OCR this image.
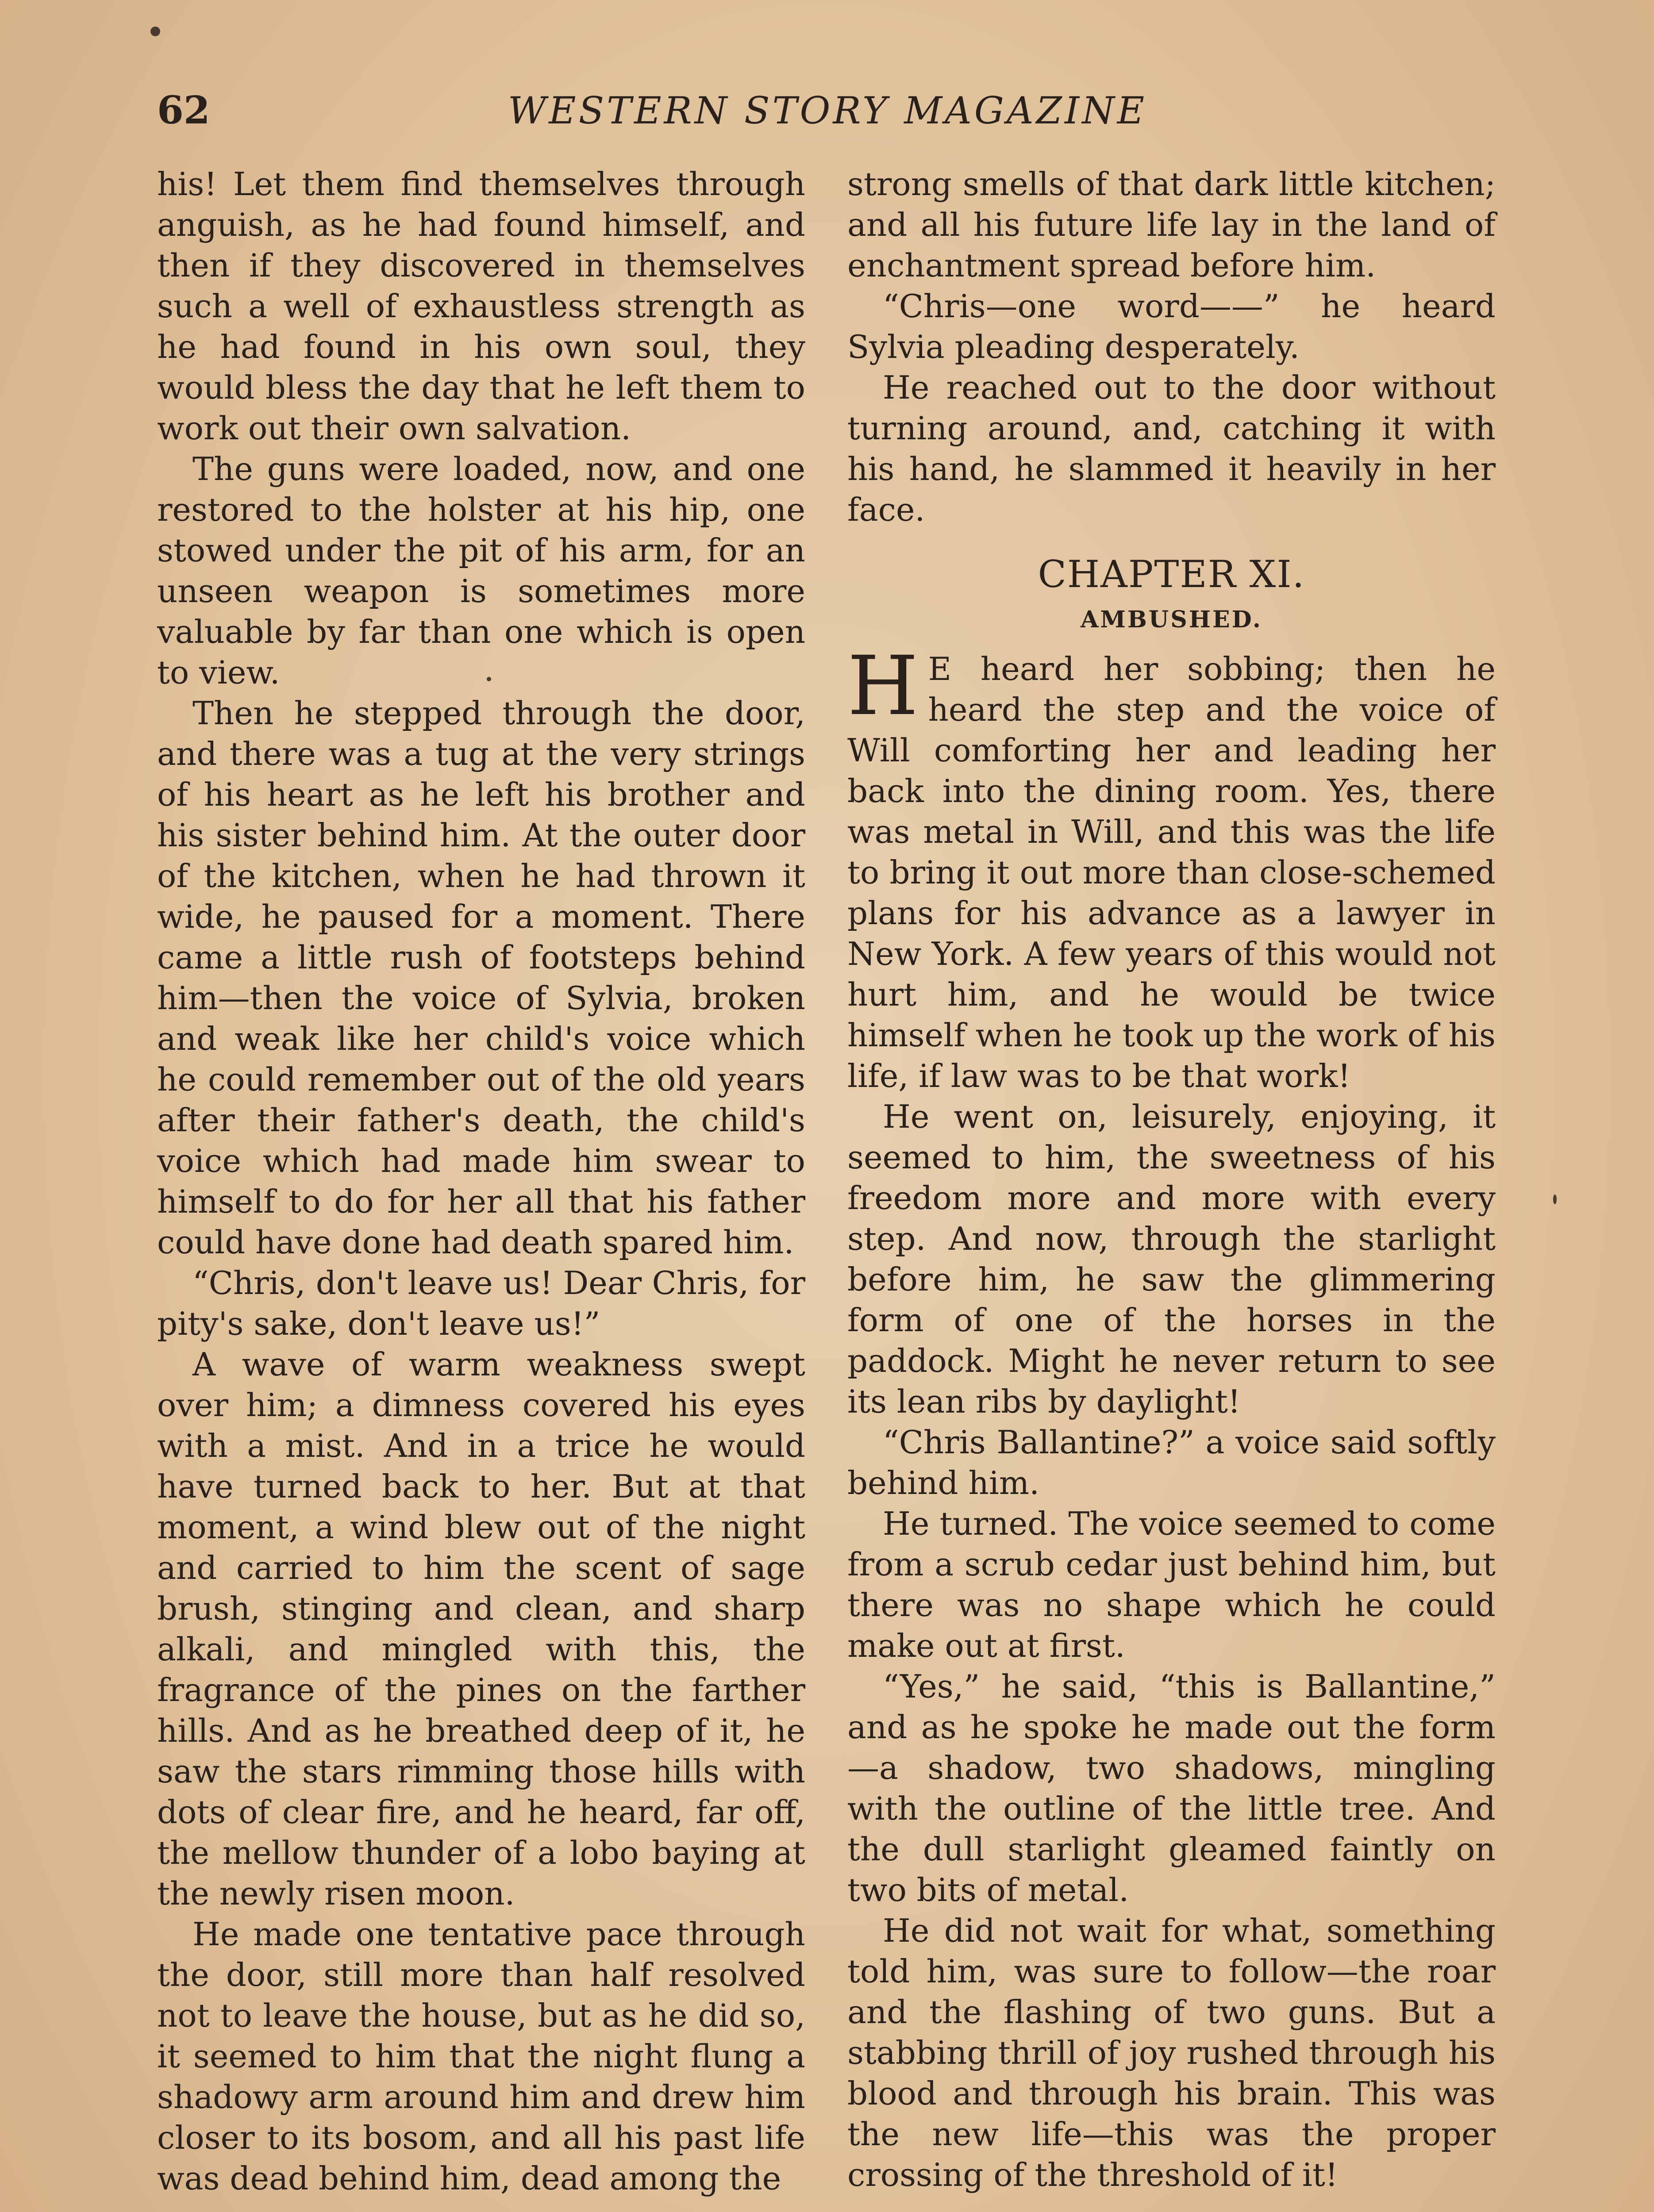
62	WESTERN STORY MAGAZINE

his! Let them find themselves through anguish, as he had found himself, and then if they discovered in themselves such a well of exhaustless strength as he had found in his own soul, they would bless the day that he left them to work out their own salvation.

The guns were loaded, now, and one restored to the holster at his hip, one stowed under the pit of his arm, for an unseen weapon is sometimes more valuable by far than one which is open to view.

Then he stepped through the door, and there was a tug at the very strings of his heart as he left his brother and his sister behind him. At the outer door of the kitchen, when he had thrown it wide, he paused for a moment. There came a little rush of footsteps behind him—then the voice of Sylvia, broken and weak like her child's voice which he could remember out of the old years after their father's death, the child's voice which had made him swear to himself to do for her all that his father could have done had death spared him.

“Chris, don't leave us! Dear Chris, for pity's sake, don't leave us!”

A wave of warm weakness swept over him; a dimness covered his eyes with a mist. And in a trice he would have turned back to her. But at that moment, a wind blew out of the night and carried to him the scent of sage brush, stinging and clean, and sharp alkali, and mingled with this, the fragrance of the pines on the farther hills. And as he breathed deep of it, he saw the stars rimming those hills with dots of clear fire, and he heard, far off, the mellow thunder of a lobo baying at the newly risen moon.

He made one tentative pace through the door, still more than half resolved not to leave the house, but as he did so, it seemed to him that the night flung a shadowy arm around him and drew him closer to its bosom, and all his past life was dead behind him, dead among the

strong smells of that dark little kitchen; and all his future life lay in the land of enchantment spread before him.

“Chris—one word——” he heard Sylvia pleading desperately.

He reached out to the door without turning around, and, catching it with his hand, he slammed it heavily in her face.

CHAPTER XI.
AMBUSHED.

H E heard her sobbing; then he heard the step and the voice of Will comforting her and leading her back into the dining room. Yes, there was metal in Will, and this was the life to bring it out more than close-schemed plans for his advance as a lawyer in New York. A few years of this would not hurt him, and he would be twice himself when he took up the work of his life, if law was to be that work!

He went on, leisurely, enjoying, it seemed to him, the sweetness of his freedom more and more with every step. And now, through the starlight before him, he saw the glimmering form of one of the horses in the paddock. Might he never return to see its lean ribs by daylight!

“Chris Ballantine?” a voice said softly behind him.

He turned. The voice seemed to come from a scrub cedar just behind him, but there was no shape which he could make out at first.

“Yes,” he said, “this is Ballantine,” and as he spoke he made out the form—a shadow, two shadows, mingling with the outline of the little tree. And the dull starlight gleamed faintly on two bits of metal.

He did not wait for what, something told him, was sure to follow—the roar and the flashing of two guns. But a stabbing thrill of joy rushed through his blood and through his brain. This was the new life—this was the proper crossing of the threshold of it!
